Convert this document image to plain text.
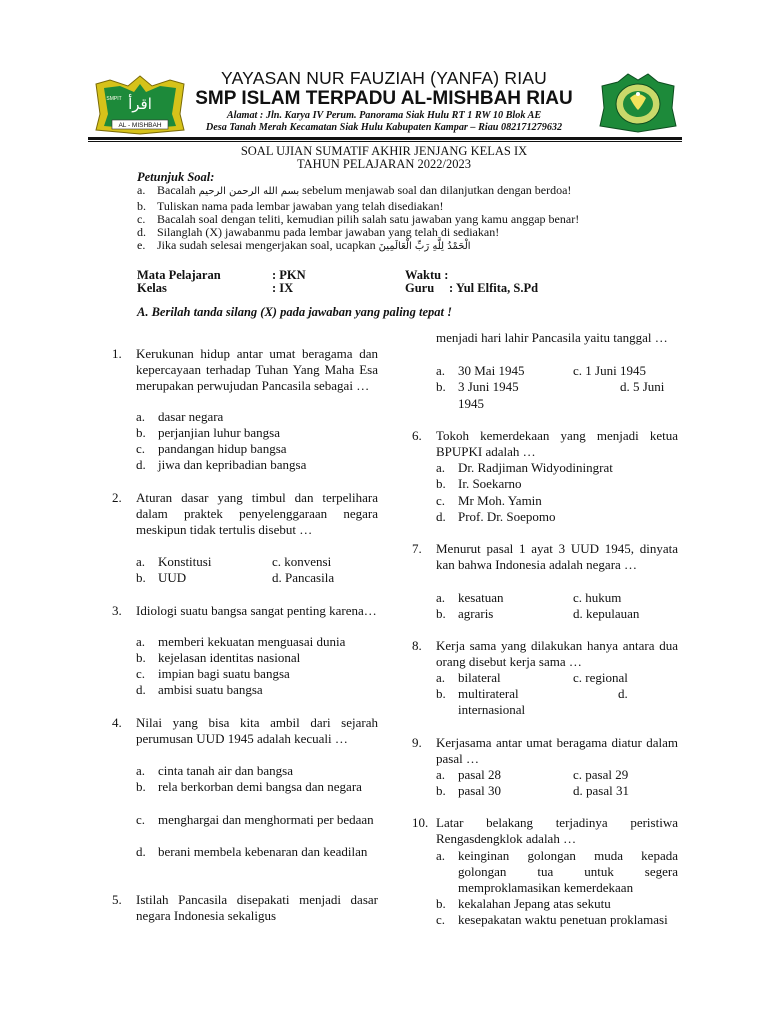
AL - MISHBAH
اقرأ
SMPIT
YAYASAN NUR FAUZIAH (YANFA) RIAU
SMP ISLAM TERPADU AL-MISHBAH RIAU
Alamat : Jln. Karya IV Perum. Panorama Siak Hulu RT 1 RW 10 Blok AE
Desa Tanah Merah Kecamatan Siak Hulu Kabupaten Kampar – Riau 082171279632
SOAL UJIAN SUMATIF AKHIR JENJANG KELAS IX
TAHUN PELAJARAN 2022/2023
Petunjuk Soal:
a. Bacalah بسم الله الرحمن الرحيم sebelum menjawab soal dan dilanjutkan dengan berdoa!
b. Tuliskan nama pada lembar jawaban yang telah disediakan!
c. Bacalah soal dengan teliti, kemudian pilih salah satu jawaban yang kamu anggap benar!
d. Silanglah (X) jawabanmu pada lembar jawaban yang telah di sediakan!
e. Jika sudah selesai mengerjakan soal, ucapkan الْحَمْدُ لِلَّهِ رَبِّ الْعَالَمِينَ
Mata Pelajaran	: PKN
Kelas	: IX
Waktu :
Guru : Yul Elfita, S.Pd
A. Berilah tanda silang (X) pada jawaban yang paling tepat !
1. Kerukunan hidup antar umat beragama dan kepercayaan terhadap Tuhan Yang Maha Esa merupakan perwujudan Pancasila sebagai …
a. dasar negara
b. perjanjian luhur bangsa
c. pandangan hidup bangsa
d. jiwa dan kepribadian bangsa
2. Aturan dasar yang timbul dan terpelihara dalam praktek penyelenggaraan negara meskipun tidak tertulis disebut …
a. Konstitusi	c. konvensi
b. UUD	d. Pancasila
3. Idiologi suatu bangsa sangat penting karena…
a. memberi kekuatan menguasai dunia
b. kejelasan identitas nasional
c. impian bagi suatu bangsa
d. ambisi suatu bangsa
4. Nilai yang bisa kita ambil dari sejarah perumusan UUD 1945 adalah kecuali …
a. cinta tanah air dan bangsa
b. rela berkorban demi bangsa dan negara
c. menghargai dan menghormati per bedaan
d. berani membela kebenaran dan keadilan
5. Istilah Pancasila disepakati menjadi dasar negara Indonesia sekaligus
menjadi hari lahir Pancasila yaitu tanggal …
a. 30 Mai 1945	c. 1 Juni 1945
b. 3 Juni 1945	d. 5 Juni
1945
6. Tokoh kemerdekaan yang menjadi ketua BPUPKI adalah …
a. Dr. Radjiman Widyodiningrat
b. Ir. Soekarno
c. Mr Moh. Yamin
d. Prof. Dr. Soepomo
7. Menurut pasal 1 ayat 3 UUD 1945, dinyata kan bahwa Indonesia adalah negara …
a. kesatuan	c. hukum
b. agraris	d. kepulauan
8. Kerja sama yang dilakukan hanya antara dua orang disebut kerja sama …
a. bilateral	c. regional
b. multirateral	d.
internasional
9. Kerjasama antar umat beragama diatur dalam pasal …
a. pasal 28	c. pasal 29
b. pasal 30	d. pasal 31
10. Latar belakang terjadinya peristiwa Rengasdengklok adalah …
a. keinginan golongan muda kepada golongan tua untuk segera memproklamasikan kemerdekaan
b. kekalahan Jepang atas sekutu
c. kesepakatan waktu penetuan proklamasi
